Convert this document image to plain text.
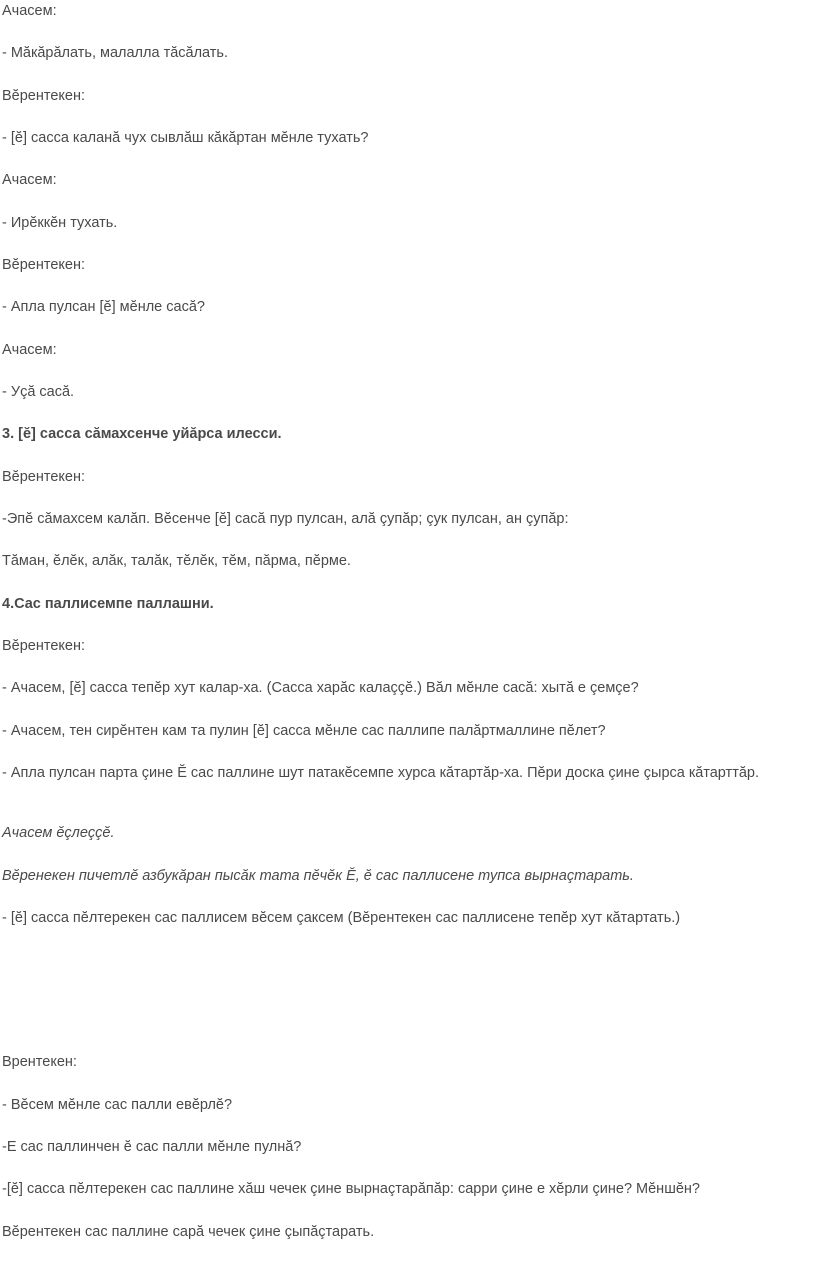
Ачасем:

- Мăкăрăлать, малалла тăсăлать.

Вĕрентекен:

- [ĕ] сасса каланă чух сывлăш кăкăртан мĕнле тухать?

Ачасем:

- Ирĕккĕн тухать.

Вĕрентекен:

- Апла пулсан [ĕ] мĕнле сасă?

Ачасем:

- Уçă сасă.

3. [ĕ] сасса сăмахсенче уйăрса илесси.

Вĕрентекен:

-Эпĕ сăмахсем калăп. Вĕсенче [ĕ] сасă пур пулсан, алă çупăр; çук пулсан, ан çупăр:

Тăман, ĕлĕк, алăк, талăк, тĕлĕк, тĕм, пăрма, пĕрме.

4.Сас паллисемпе паллашни.

Вĕрентекен:

- Ачасем, [ĕ] сасса тепĕр хут калар-ха. (Сасса харăс калаççĕ.) Вăл мĕнле сасă: хытă е çемçе?

- Ачасем, тен сирĕнтен кам та пулин [ĕ] сасса мĕнле сас паллипе палăртмаллине пĕлет?

- Апла пулсан парта çине Ĕ сас паллине шут патакĕсемпе хурса кăтартăр-ха. Пĕри доска çине çырса кăтарттăр.

Ачасем ĕçлеççĕ.

Вĕренекен пичетлĕ азбукăран пысăк тата пĕчĕк Ĕ, ĕ сас паллисене тупса вырнаçтарать.

- [ĕ] сасса пĕлтерекен сас паллисем вĕсем çаксем (Вĕрентекен сас паллисене тепĕр хут кăтартать.)

Врентекен:

- Вĕсем мĕнле сас палли евĕрлĕ?

-Е сас паллинчен ĕ сас палли мĕнле пулнă?

-[ĕ] сасса пĕлтерекен сас паллине хăш чечек çине вырнаçтарăпăр: сарри çине е хĕрли çине? Мĕншĕн?

Вĕрентекен сас паллине сарă чечек çине çыпăçтарать.
